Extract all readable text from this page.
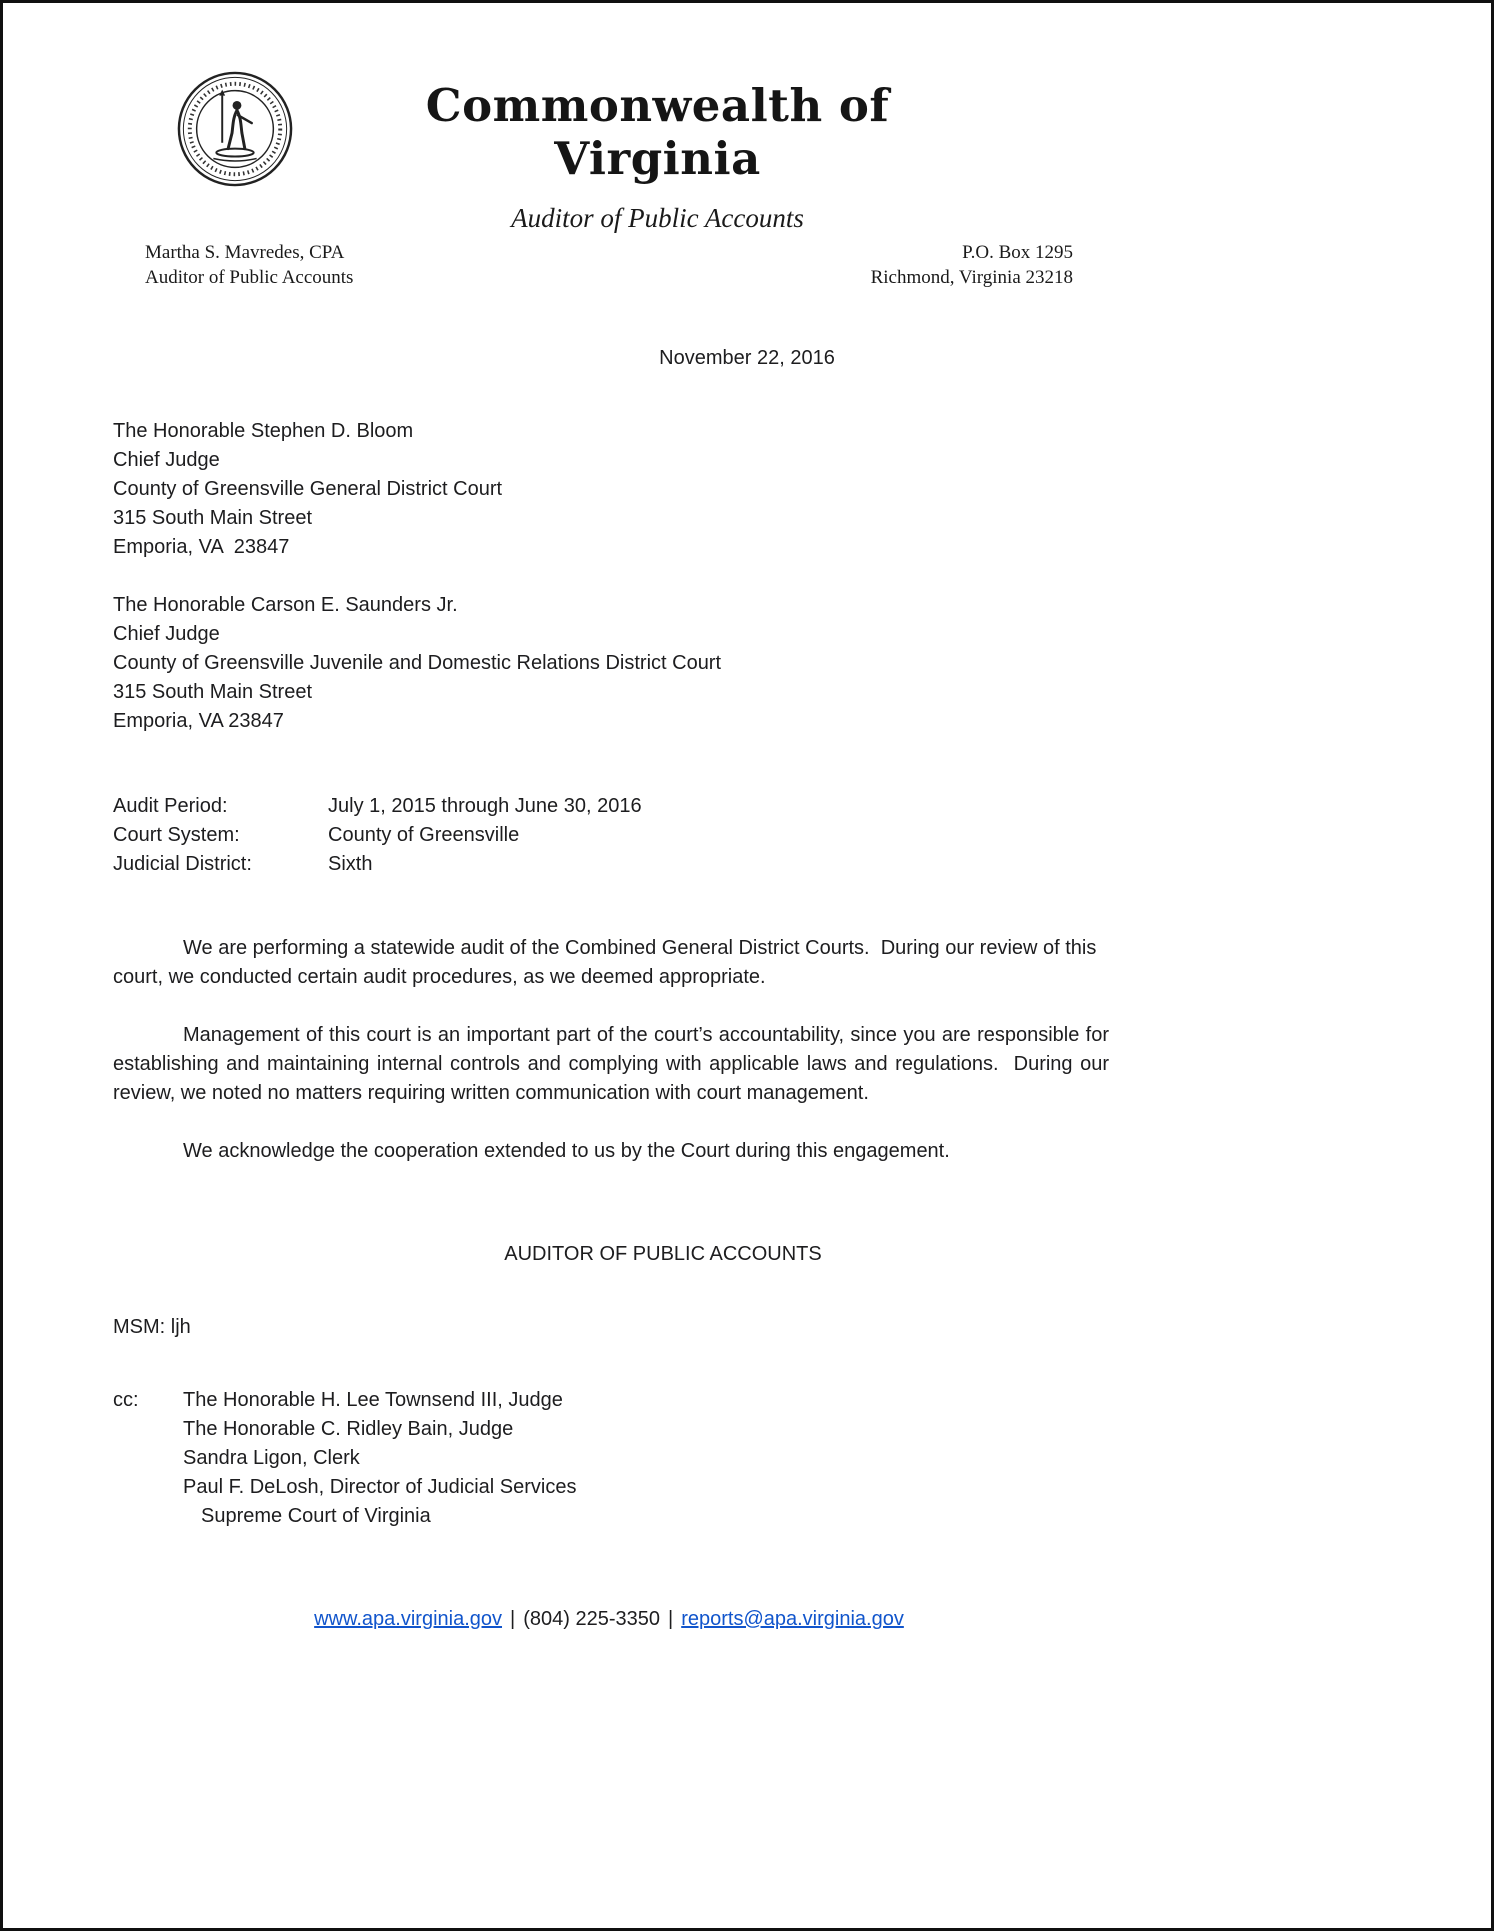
Commonwealth of Virginia
Auditor of Public Accounts
Martha S. Mavredes, CPA
Auditor of Public Accounts
P.O. Box 1295
Richmond, Virginia 23218
November 22, 2016
The Honorable Stephen D. Bloom
Chief Judge
County of Greensville General District Court
315 South Main Street
Emporia, VA  23847
The Honorable Carson E. Saunders Jr.
Chief Judge
County of Greensville Juvenile and Domestic Relations District Court
315 South Main Street
Emporia, VA 23847
Audit Period:	July 1, 2015 through June 30, 2016
Court System:	County of Greensville
Judicial District:	Sixth

We are performing a statewide audit of the Combined General District Courts.  During our review of this court, we conducted certain audit procedures, as we deemed appropriate.

Management of this court is an important part of the court’s accountability, since you are responsible for establishing and maintaining internal controls and complying with applicable laws and regulations.  During our review, we noted no matters requiring written communication with court management.

We acknowledge the cooperation extended to us by the Court during this engagement.

AUDITOR OF PUBLIC ACCOUNTS
MSM: ljh
cc:	The Honorable H. Lee Townsend III, Judge
The Honorable C. Ridley Bain, Judge
Sandra Ligon, Clerk
Paul F. DeLosh, Director of Judicial Services
Supreme Court of Virginia
www.apa.virginia.gov | (804) 225-3350 | reports@apa.virginia.gov
